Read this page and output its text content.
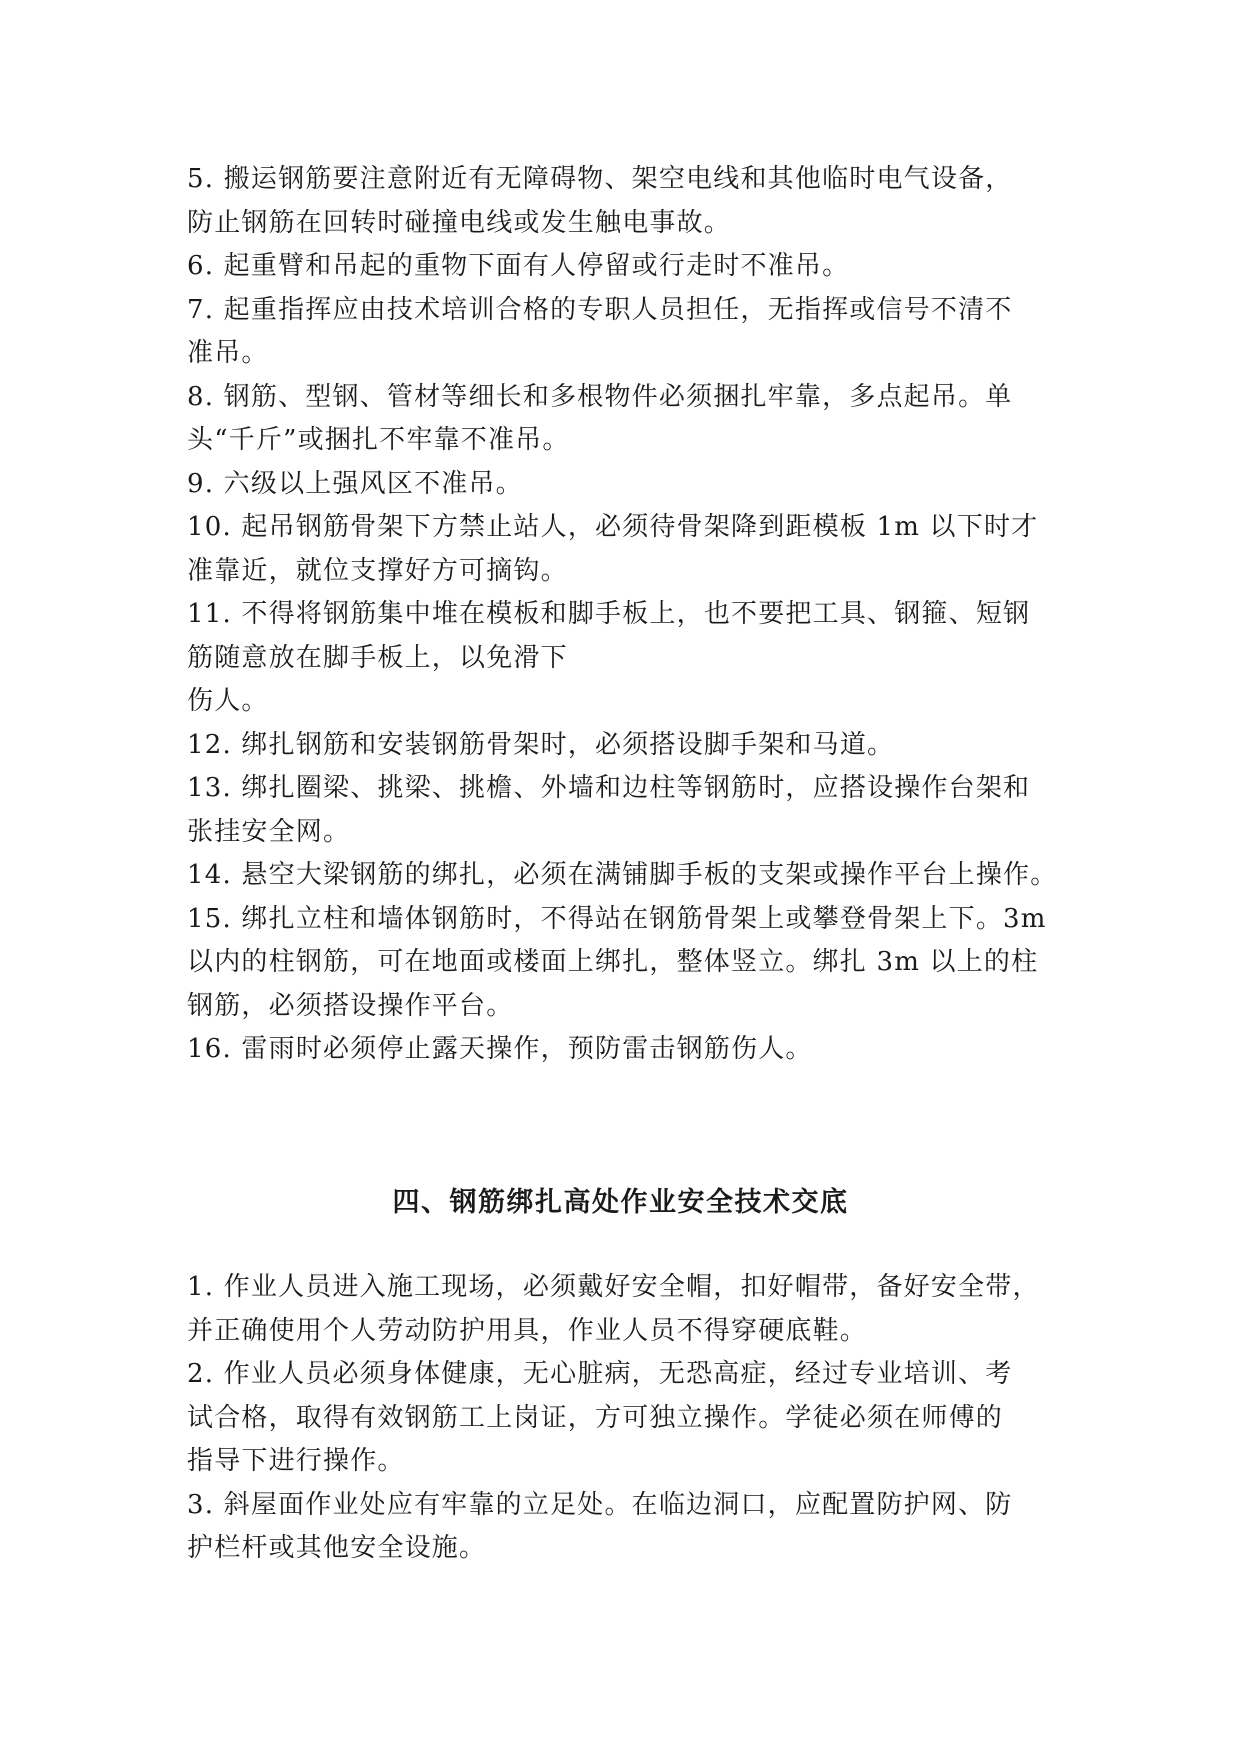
5. 搬运钢筋要注意附近有无障碍物、架空电线和其他临时电气设备，
防止钢筋在回转时碰撞电线或发生触电事故。

6. 起重臂和吊起的重物下面有人停留或行走时不准吊。

7. 起重指挥应由技术培训合格的专职人员担任，无指挥或信号不清不
准吊。

8. 钢筋、型钢、管材等细长和多根物件必须捆扎牢靠，多点起吊。单
头“千斤”或捆扎不牢靠不准吊。

9. 六级以上强风区不准吊。

10. 起吊钢筋骨架下方禁止站人，必须待骨架降到距模板 1m 以下时才
准靠近，就位支撑好方可摘钩。

11. 不得将钢筋集中堆在模板和脚手板上，也不要把工具、钢箍、短钢
筋随意放在脚手板上，以免滑下
伤人。

12. 绑扎钢筋和安装钢筋骨架时，必须搭设脚手架和马道。

13. 绑扎圈梁、挑梁、挑檐、外墙和边柱等钢筋时，应搭设操作台架和
张挂安全网。

14. 悬空大梁钢筋的绑扎，必须在满铺脚手板的支架或操作平台上操作。

15. 绑扎立柱和墙体钢筋时，不得站在钢筋骨架上或攀登骨架上下。3m
以内的柱钢筋，可在地面或楼面上绑扎，整体竖立。绑扎 3m 以上的柱
钢筋，必须搭设操作平台。

16. 雷雨时必须停止露天操作，预防雷击钢筋伤人。

四、钢筋绑扎高处作业安全技术交底

1. 作业人员进入施工现场，必须戴好安全帽，扣好帽带，备好安全带，
并正确使用个人劳动防护用具，作业人员不得穿硬底鞋。

2. 作业人员必须身体健康，无心脏病，无恐高症，经过专业培训、考
试合格，取得有效钢筋工上岗证，方可独立操作。学徒必须在师傅的
指导下进行操作。

3. 斜屋面作业处应有牢靠的立足处。在临边洞口，应配置防护网、防
护栏杆或其他安全设施。
